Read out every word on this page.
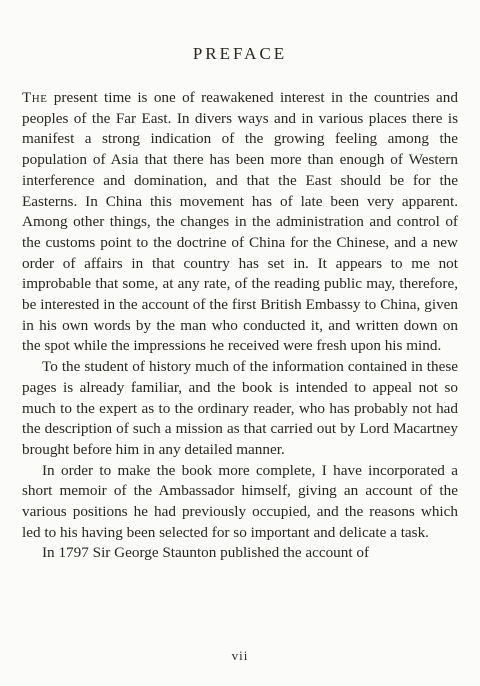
PREFACE

The present time is one of reawakened interest in the countries and peoples of the Far East. In divers ways and in various places there is manifest a strong indication of the growing feeling among the population of Asia that there has been more than enough of Western interference and domination, and that the East should be for the Easterns. In China this movement has of late been very apparent. Among other things, the changes in the administration and control of the customs point to the doctrine of China for the Chinese, and a new order of affairs in that country has set in. It appears to me not improbable that some, at any rate, of the reading public may, therefore, be interested in the account of the first British Embassy to China, given in his own words by the man who conducted it, and written down on the spot while the impressions he received were fresh upon his mind.

To the student of history much of the information contained in these pages is already familiar, and the book is intended to appeal not so much to the expert as to the ordinary reader, who has probably not had the description of such a mission as that carried out by Lord Macartney brought before him in any detailed manner.

In order to make the book more complete, I have incorporated a short memoir of the Ambassador himself, giving an account of the various positions he had previously occupied, and the reasons which led to his having been selected for so important and delicate a task.

In 1797 Sir George Staunton published the account of

vii
